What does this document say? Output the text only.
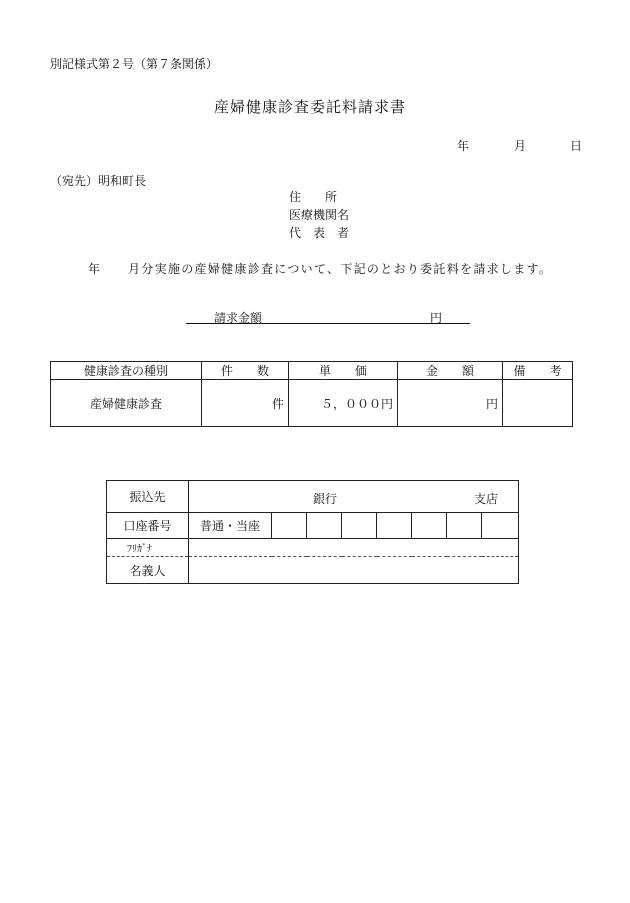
別記様式第２号（第７条関係）
産婦健康診査委託料請求書
年	月	日
（宛先）明和町長
住　　所
医療機関名
代　表　者
年 月分実施の産婦健康診査について、下記のとおり委託料を請求します。
請求金額	円
健康診査の種別	件　　数	単　　価	金　　額	備　　考
産婦健康診査	件	５，０００円	円	
振込先	銀行 支店							

口座番号	普通・当座							
ﾌﾘｶﾞﾅ								
名義人								
